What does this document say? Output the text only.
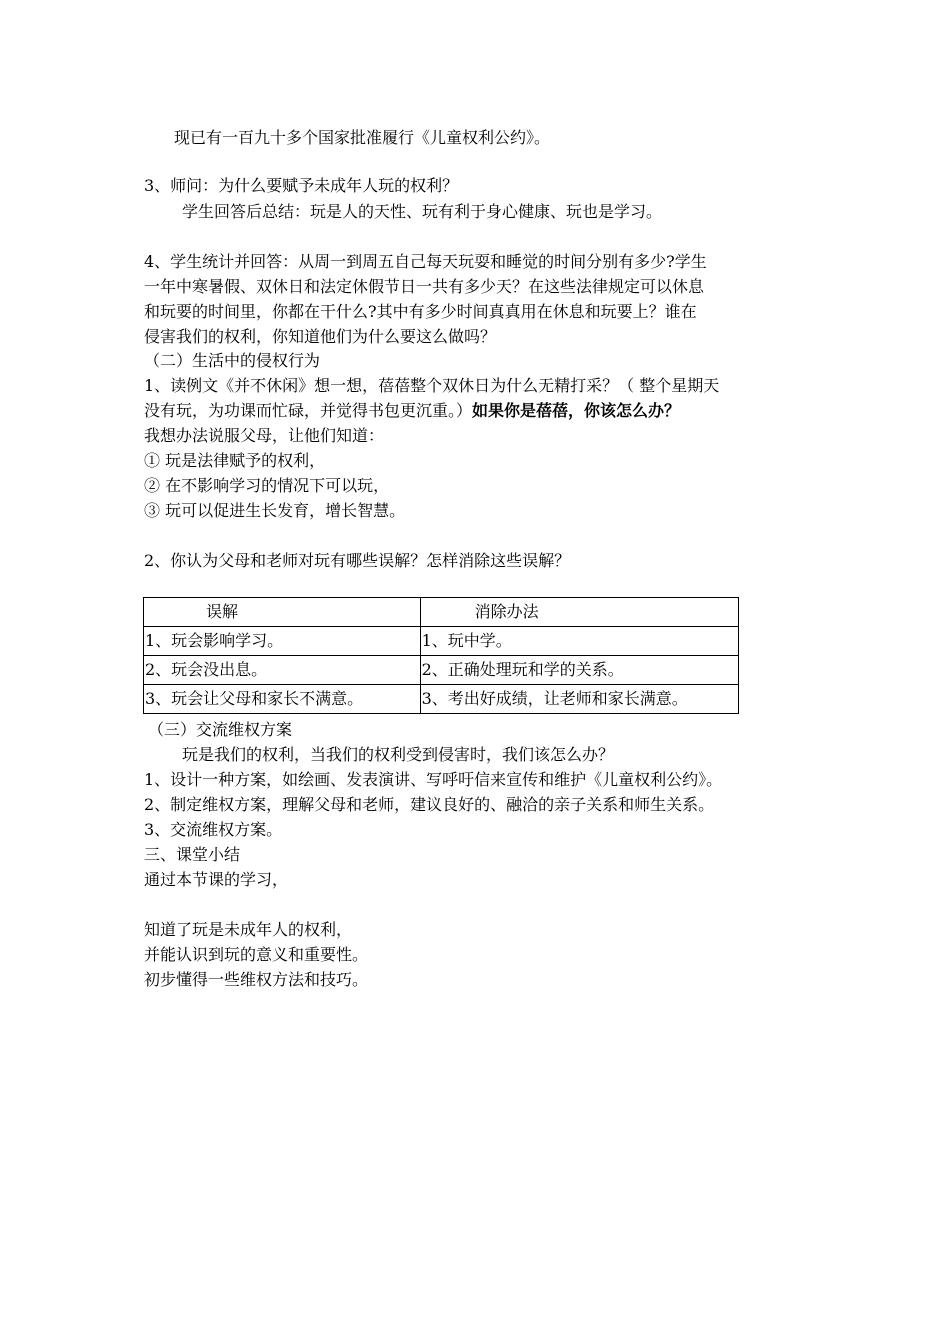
现已有一百九十多个国家批准履行《儿童权利公约》。
3、师问：为什么要赋予未成年人玩的权利？
学生回答后总结：玩是人的天性、玩有利于身心健康、玩也是学习。
4、学生统计并回答：从周一到周五自己每天玩耍和睡觉的时间分别有多少?学生
一年中寒暑假、双休日和法定休假节日一共有多少天？在这些法律规定可以休息
和玩要的时间里，你都在干什么?其中有多少时间真真用在休息和玩要上？谁在
侵害我们的权利，你知道他们为什么要这么做吗？
（二）生活中的侵权行为
1、读例文《并不休闲》想一想，蓓蓓整个双休日为什么无精打采？（ 整个星期天
没有玩，为功课而忙碌，并觉得书包更沉重。）如果你是蓓蓓，你该怎么办？
我想办法说服父母，让他们知道：
① 玩是法律赋予的权利，
② 在不影响学习的情况下可以玩，
③ 玩可以促进生长发育，增长智慧。
2、你认为父母和老师对玩有哪些误解？怎样消除这些误解？
误解	消除办法
1、玩会影响学习。	1、玩中学。
2、玩会没出息。	2、正确处理玩和学的关系。
3、玩会让父母和家长不满意。	3、考出好成绩，让老师和家长满意。
（三）交流维权方案
玩是我们的权利，当我们的权利受到侵害时，我们该怎么办？
1、设计一种方案，如绘画、发表演讲、写呼吁信来宣传和维护《儿童权利公约》。
2、制定维权方案，理解父母和老师，建议良好的、融洽的亲子关系和师生关系。
3、交流维权方案。
三、课堂小结
通过本节课的学习，
知道了玩是未成年人的权利，
并能认识到玩的意义和重要性。
初步懂得一些维权方法和技巧。
